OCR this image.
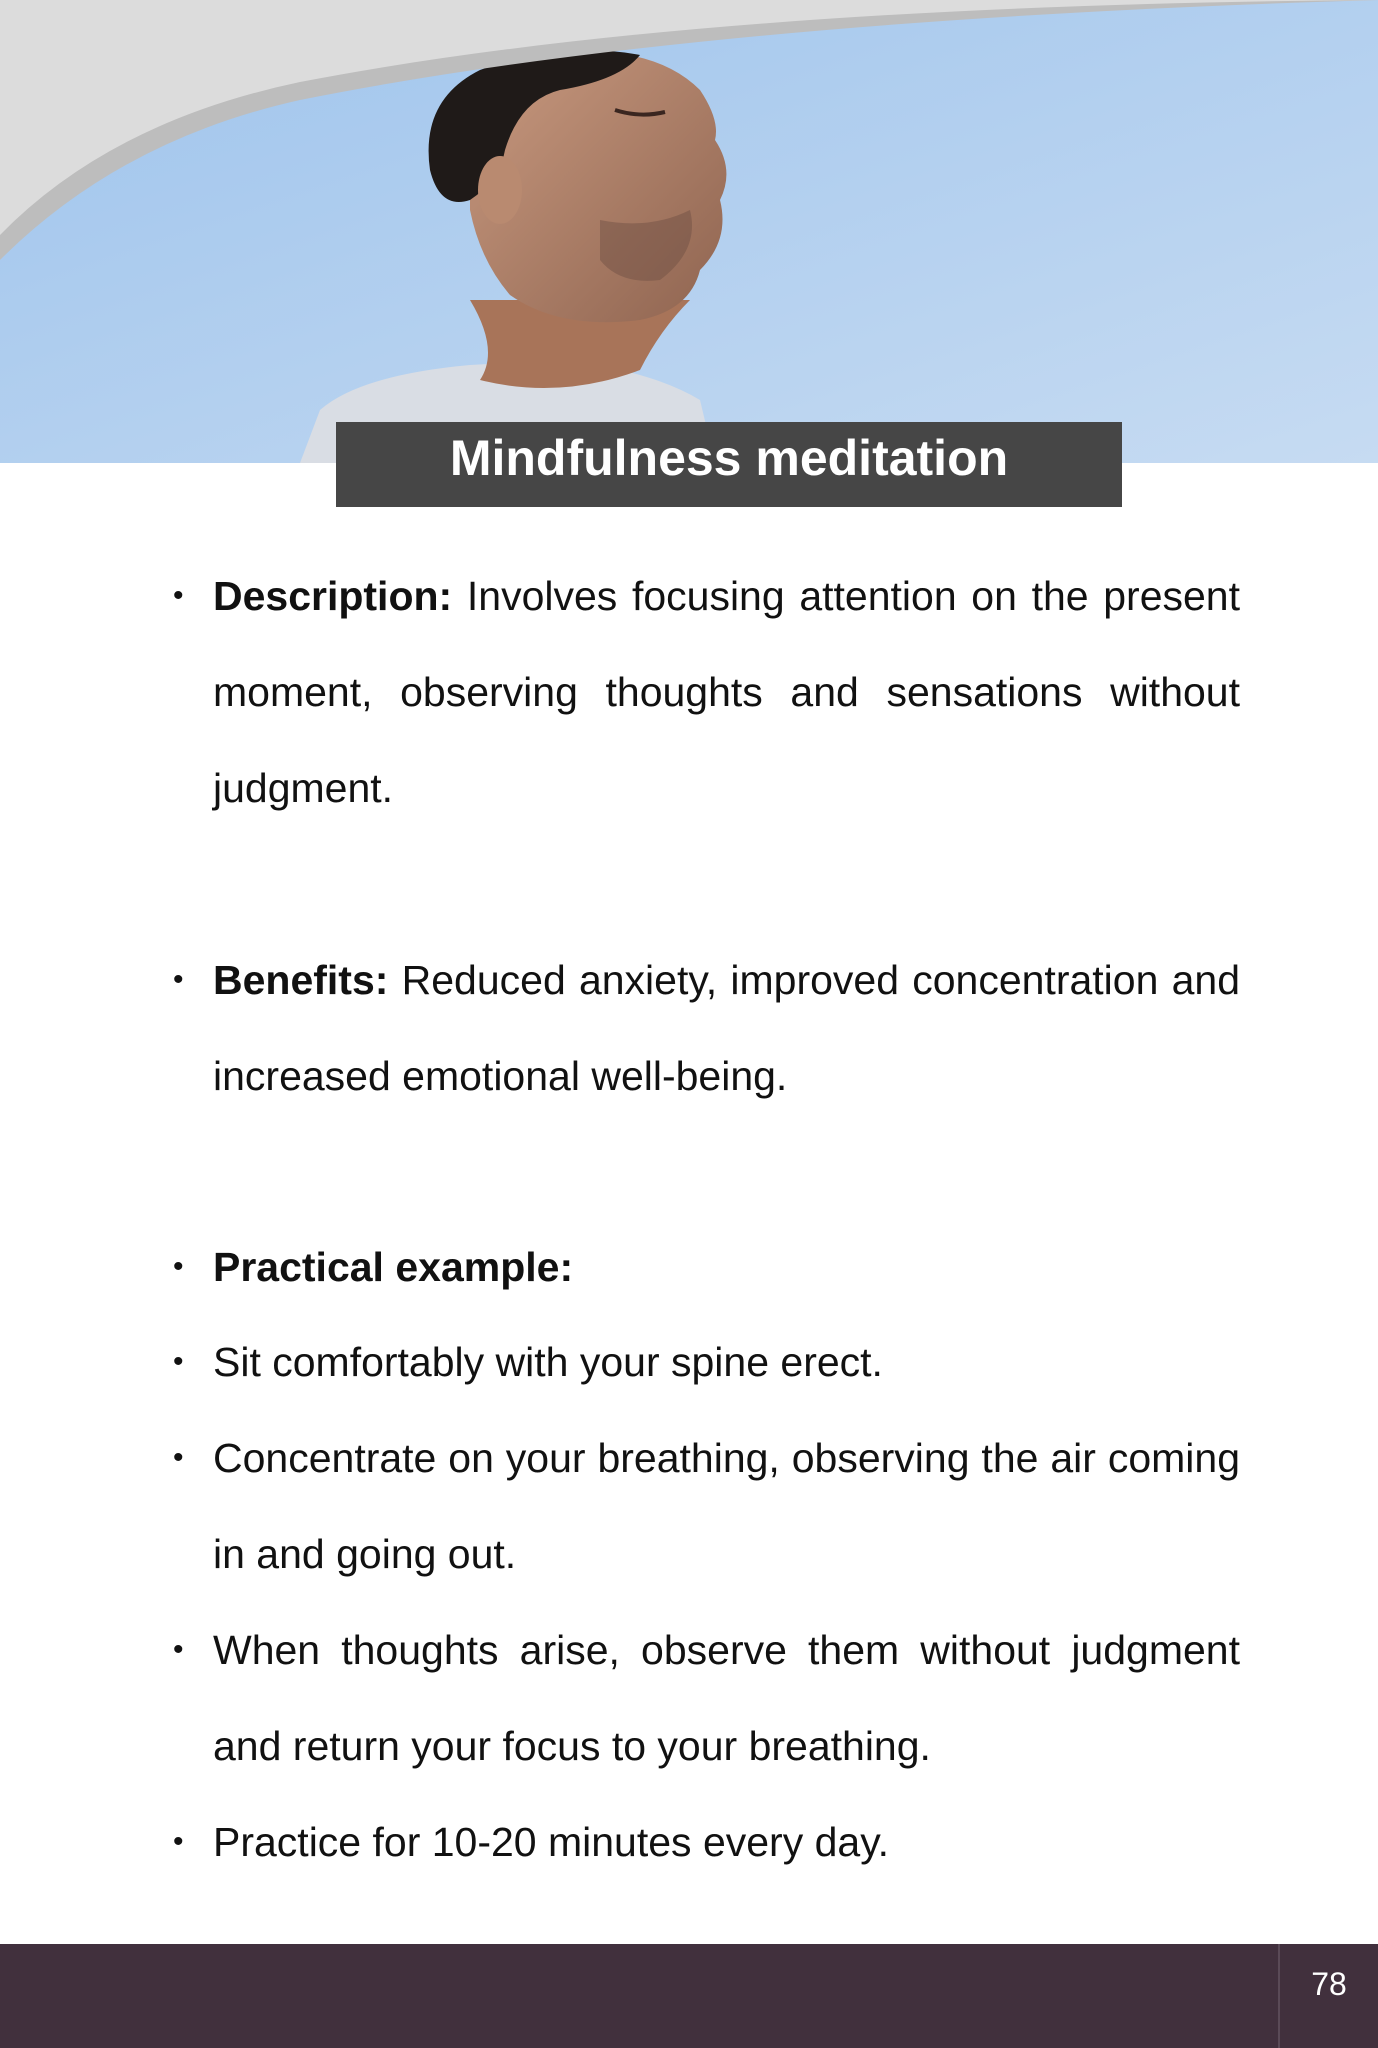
Mindfulness meditation
• Description: Involves focusing attention on the present moment, observing thoughts and sensations without judgment.
• Benefits: Reduced anxiety, improved concentration and increased emotional well-being.
• Practical example:
• Sit comfortably with your spine erect.
• Concentrate on your breathing, observing the air coming in and going out.
• When thoughts arise, observe them without judgment and return your focus to your breathing.
• Practice for 10-20 minutes every day.
78
